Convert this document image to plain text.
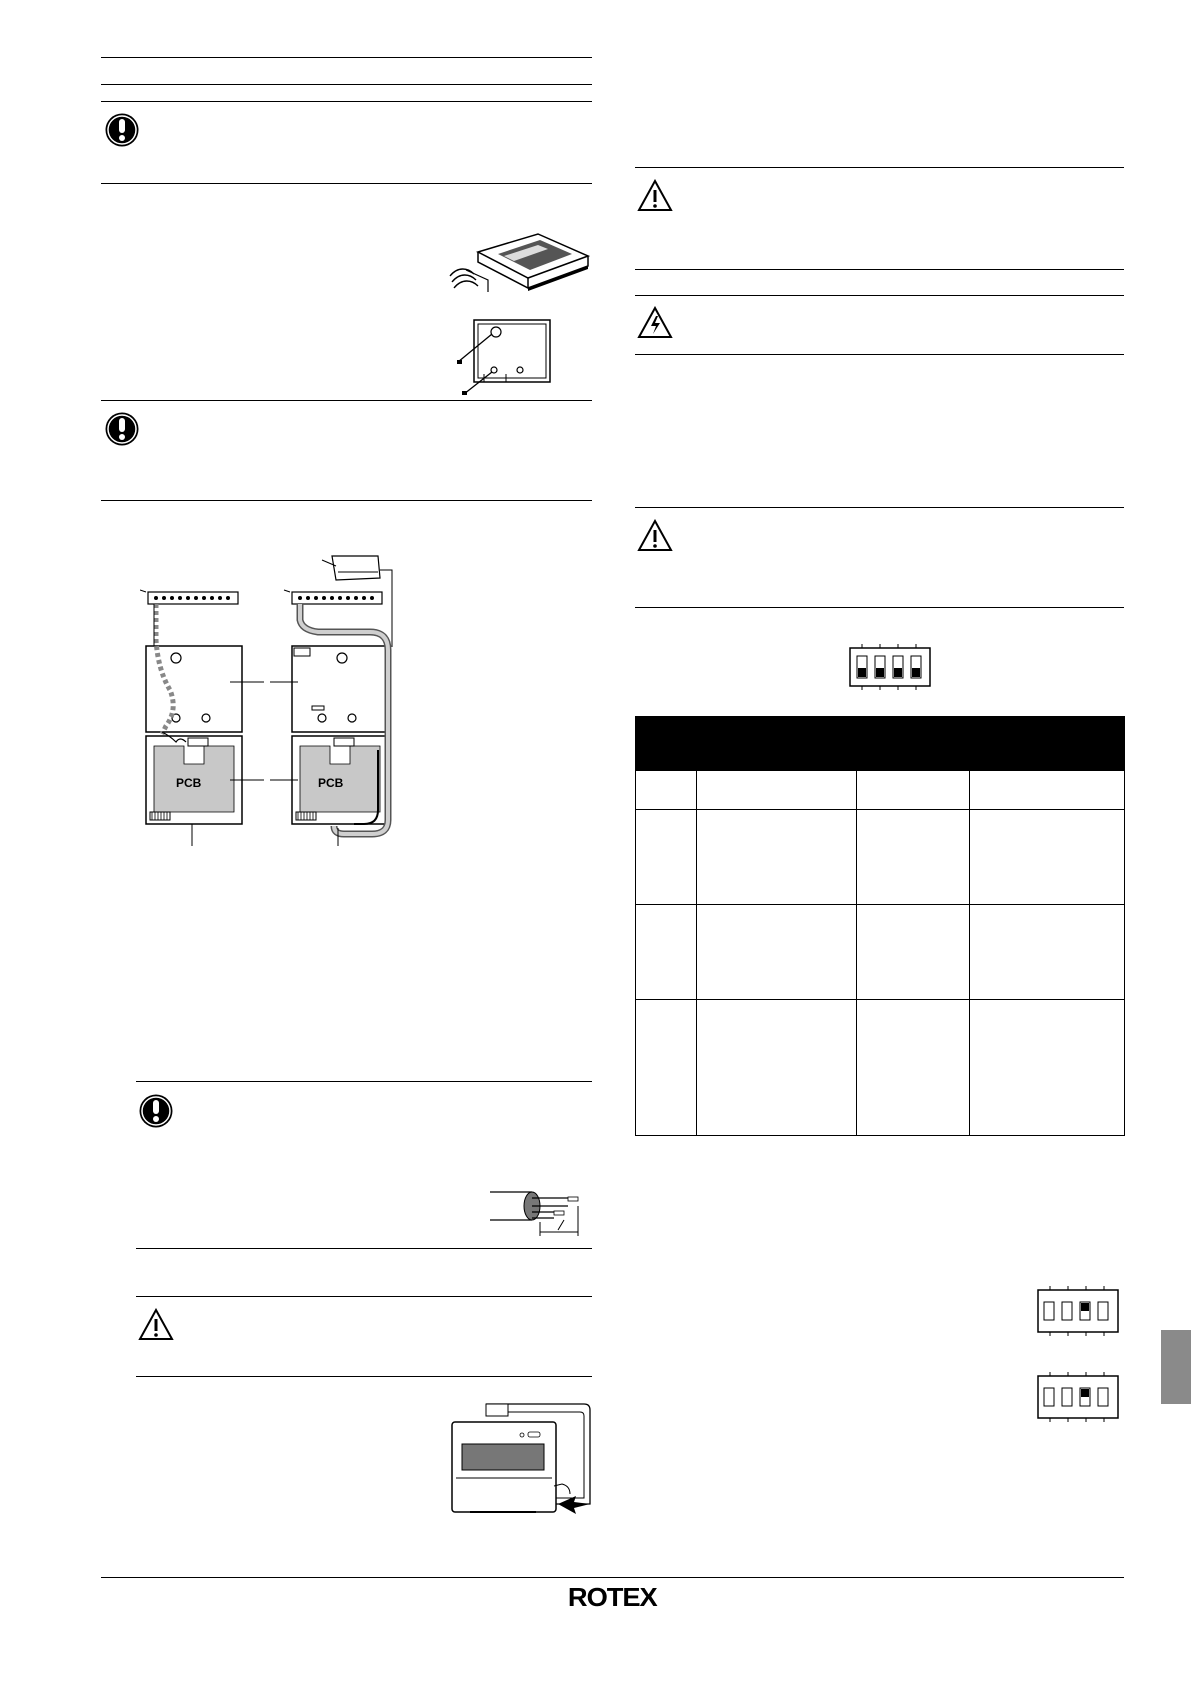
PCB	PCB
ROTEX
